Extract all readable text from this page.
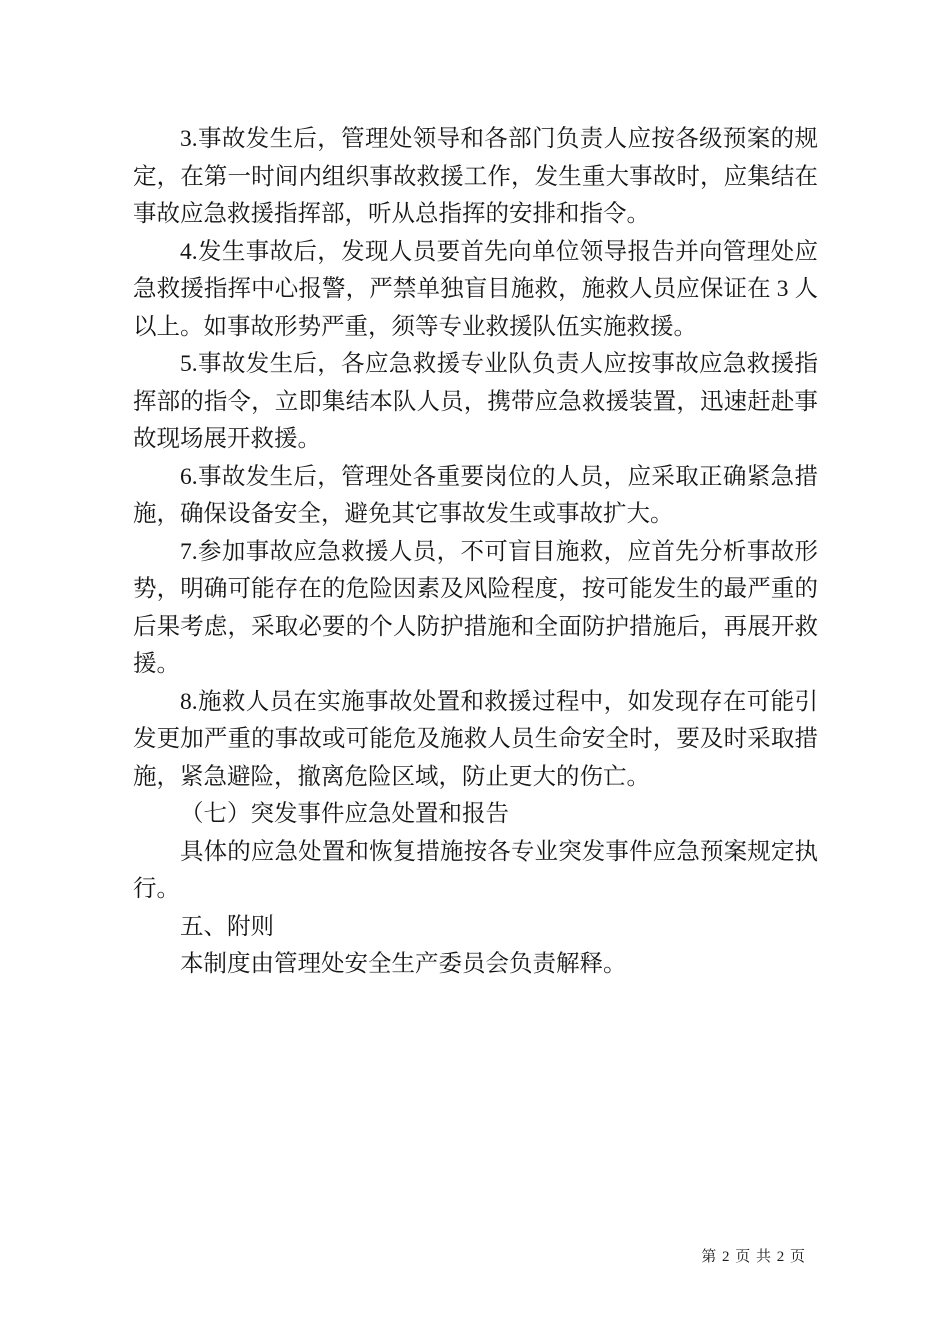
3.事故发生后，管理处领导和各部门负责人应按各级预案的规定，在第一时间内组织事故救援工作，发生重大事故时，应集结在事故应急救援指挥部，听从总指挥的安排和指令。

4.发生事故后，发现人员要首先向单位领导报告并向管理处应急救援指挥中心报警，严禁单独盲目施救，施救人员应保证在 3 人以上。如事故形势严重，须等专业救援队伍实施救援。

5.事故发生后，各应急救援专业队负责人应按事故应急救援指挥部的指令，立即集结本队人员，携带应急救援装置，迅速赶赴事故现场展开救援。

6.事故发生后，管理处各重要岗位的人员，应采取正确紧急措施，确保设备安全，避免其它事故发生或事故扩大。

7.参加事故应急救援人员，不可盲目施救，应首先分析事故形势，明确可能存在的危险因素及风险程度，按可能发生的最严重的后果考虑，采取必要的个人防护措施和全面防护措施后，再展开救援。

8.施救人员在实施事故处置和救援过程中，如发现存在可能引发更加严重的事故或可能危及施救人员生命安全时，要及时采取措施，紧急避险，撤离危险区域，防止更大的伤亡。

（七）突发事件应急处置和报告

具体的应急处置和恢复措施按各专业突发事件应急预案规定执行。

五、附则

本制度由管理处安全生产委员会负责解释。

第 2 页 共 2 页
